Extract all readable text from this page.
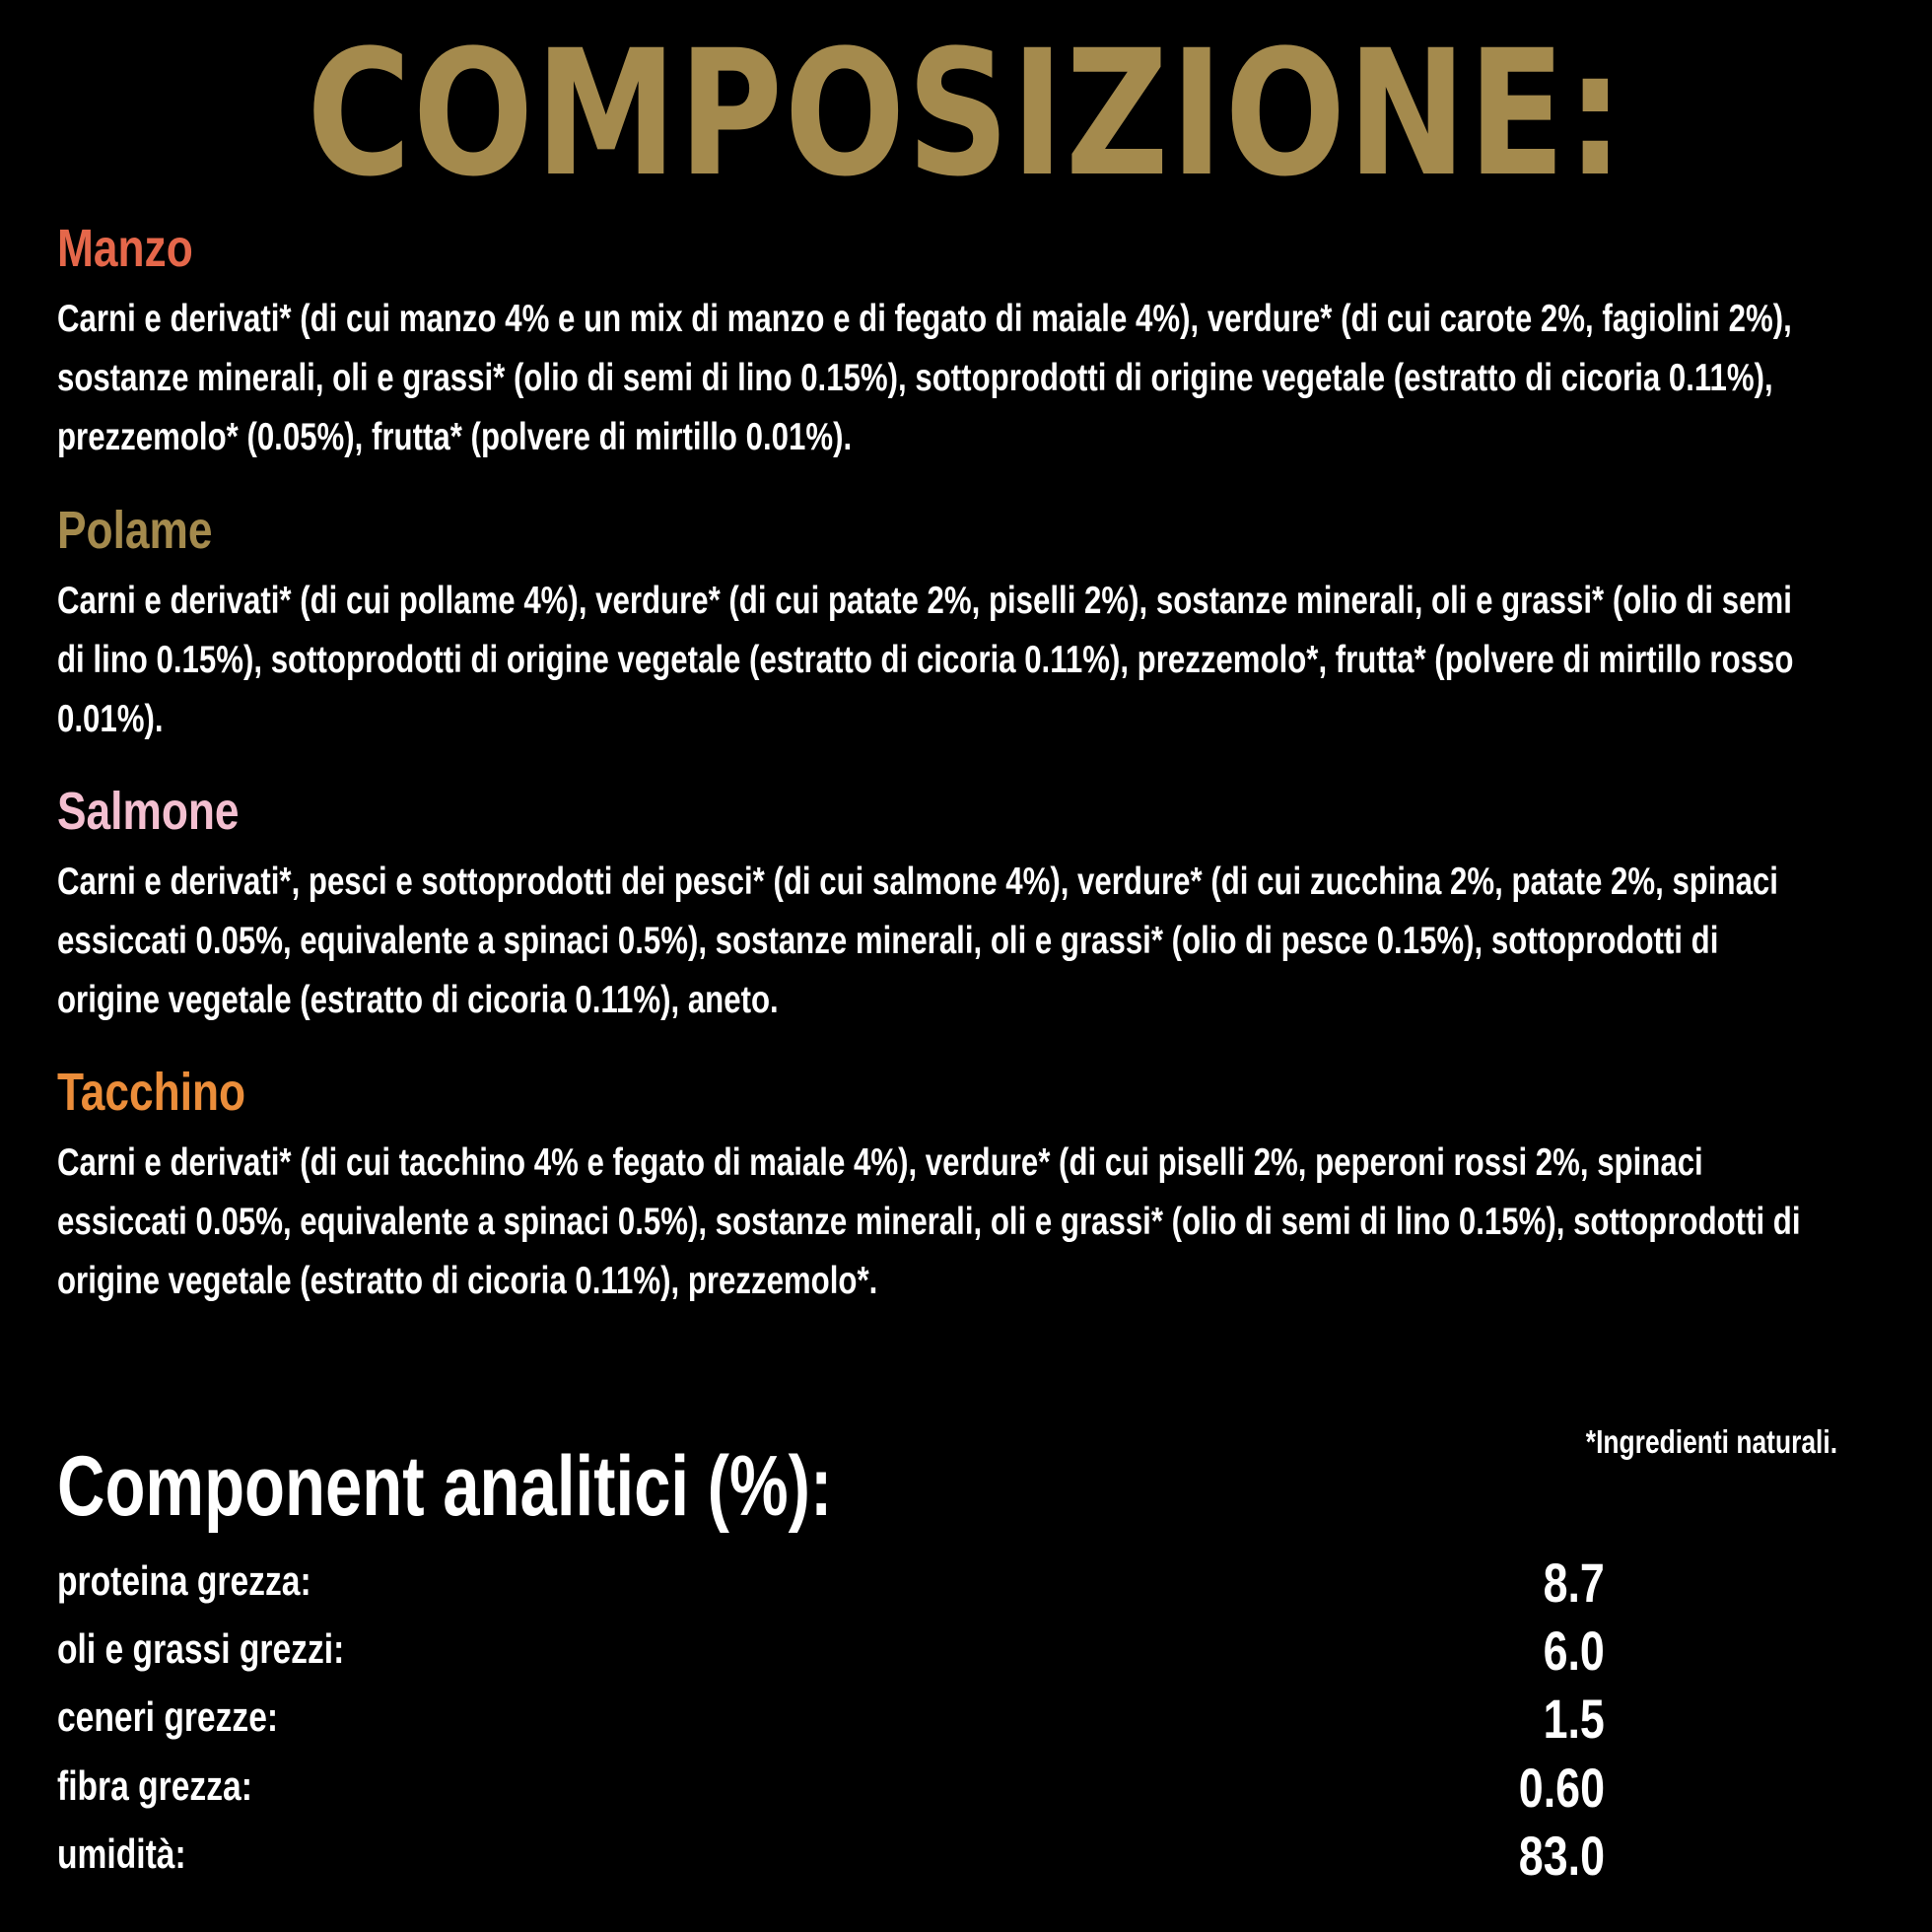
COMPOSIZIONE:
Manzo
Carni e derivati* (di cui manzo 4% e un mix di manzo e di fegato di maiale 4%), verdure* (di cui carote 2%, fagiolini 2%), sostanze minerali, oli e grassi* (olio di semi di lino 0.15%), sottoprodotti di origine vegetale (estratto di cicoria 0.11%), prezzemolo* (0.05%), frutta* (polvere di mirtillo 0.01%).
Polame
Carni e derivati* (di cui pollame 4%), verdure* (di cui patate 2%, piselli 2%), sostanze minerali, oli e grassi* (olio di semi di lino 0.15%), sottoprodotti di origine vegetale (estratto di cicoria 0.11%), prezzemolo*, frutta* (polvere di mirtillo rosso 0.01%).
Salmone
Carni e derivati*, pesci e sottoprodotti dei pesci* (di cui salmone 4%), verdure* (di cui zucchina 2%, patate 2%, spinaci essiccati 0.05%, equivalente a spinaci 0.5%), sostanze minerali, oli e grassi* (olio di pesce 0.15%), sottoprodotti di origine vegetale (estratto di cicoria 0.11%), aneto.
Tacchino
Carni e derivati* (di cui tacchino 4% e fegato di maiale 4%), verdure* (di cui piselli 2%, peperoni rossi 2%, spinaci essiccati 0.05%, equivalente a spinaci 0.5%), sostanze minerali, oli e grassi* (olio di semi di lino 0.15%), sottoprodotti di origine vegetale (estratto di cicoria 0.11%), prezzemolo*.
*Ingredienti naturali.
Component analitici (%):
proteina grezza:	8.7
oli e grassi grezzi:	6.0
ceneri grezze:	1.5
fibra grezza:	0.60
umidità:	83.0
